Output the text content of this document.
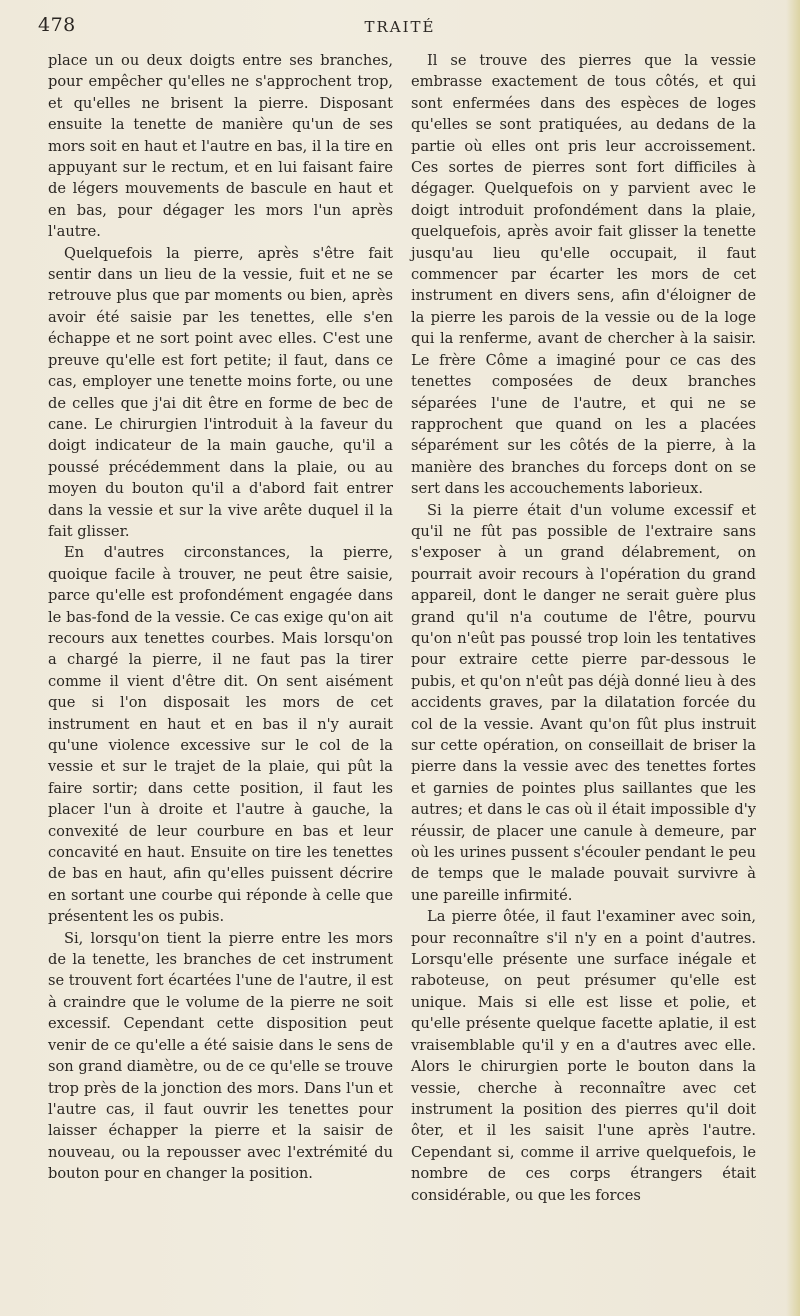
478	TRAITÉ

place un ou deux doigts entre ses branches, pour empêcher qu'elles ne s'approchent trop, et qu'elles ne brisent la pierre. Disposant ensuite la tenette de manière qu'un de ses mors soit en haut et l'autre en bas, il la tire en appuyant sur le rectum, et en lui faisant faire de légers mouvements de bascule en haut et en bas, pour dégager les mors l'un après l'autre.

Quelquefois la pierre, après s'être fait sentir dans un lieu de la vessie, fuit et ne se retrouve plus que par moments ou bien, après avoir été saisie par les tenettes, elle s'en échappe et ne sort point avec elles. C'est une preuve qu'elle est fort petite; il faut, dans ce cas, employer une tenette moins forte, ou une de celles que j'ai dit être en forme de bec de cane. Le chirurgien l'introduit à la faveur du doigt indicateur de la main gauche, qu'il a poussé précédemment dans la plaie, ou au moyen du bouton qu'il a d'abord fait entrer dans la vessie et sur la vive arête duquel il la fait glisser.

En d'autres circonstances, la pierre, quoique facile à trouver, ne peut être saisie, parce qu'elle est profondément engagée dans le bas-fond de la vessie. Ce cas exige qu'on ait recours aux tenettes courbes. Mais lorsqu'on a chargé la pierre, il ne faut pas la tirer comme il vient d'être dit. On sent aisément que si l'on disposait les mors de cet instrument en haut et en bas il n'y aurait qu'une violence excessive sur le col de la vessie et sur le trajet de la plaie, qui pût la faire sortir; dans cette position, il faut les placer l'un à droite et l'autre à gauche, la convexité de leur courbure en bas et leur concavité en haut. Ensuite on tire les tenettes de bas en haut, afin qu'elles puissent décrire en sortant une courbe qui réponde à celle que présentent les os pubis.

Si, lorsqu'on tient la pierre entre les mors de la tenette, les branches de cet instrument se trouvent fort écartées l'une de l'autre, il est à craindre que le volume de la pierre ne soit excessif. Cependant cette disposition peut venir de ce qu'elle a été saisie dans le sens de son grand diamètre, ou de ce qu'elle se trouve trop près de la jonction des mors. Dans l'un et l'autre cas, il faut ouvrir les tenettes pour laisser échapper la pierre et la saisir de nouveau, ou la repousser avec l'extrémité du bouton pour en changer la position.

Il se trouve des pierres que la vessie embrasse exactement de tous côtés, et qui sont enfermées dans des espèces de loges qu'elles se sont pratiquées, au dedans de la partie où elles ont pris leur accroissement. Ces sortes de pierres sont fort difficiles à dégager. Quelquefois on y parvient avec le doigt introduit profondément dans la plaie, quelquefois, après avoir fait glisser la tenette jusqu'au lieu qu'elle occupait, il faut commencer par écarter les mors de cet instrument en divers sens, afin d'éloigner de la pierre les parois de la vessie ou de la loge qui la renferme, avant de chercher à la saisir. Le frère Côme a imaginé pour ce cas des tenettes composées de deux branches séparées l'une de l'autre, et qui ne se rapprochent que quand on les a placées séparément sur les côtés de la pierre, à la manière des branches du forceps dont on se sert dans les accouchements laborieux.

Si la pierre était d'un volume excessif et qu'il ne fût pas possible de l'extraire sans s'exposer à un grand délabrement, on pourrait avoir recours à l'opération du grand appareil, dont le danger ne serait guère plus grand qu'il n'a coutume de l'être, pourvu qu'on n'eût pas poussé trop loin les tentatives pour extraire cette pierre par-dessous le pubis, et qu'on n'eût pas déjà donné lieu à des accidents graves, par la dilatation forcée du col de la vessie. Avant qu'on fût plus instruit sur cette opération, on conseillait de briser la pierre dans la vessie avec des tenettes fortes et garnies de pointes plus saillantes que les autres; et dans le cas où il était impossible d'y réussir, de placer une canule à demeure, par où les urines pussent s'écouler pendant le peu de temps que le malade pouvait survivre à une pareille infirmité.

La pierre ôtée, il faut l'examiner avec soin, pour reconnaître s'il n'y en a point d'autres. Lorsqu'elle présente une surface inégale et raboteuse, on peut présumer qu'elle est unique. Mais si elle est lisse et polie, et qu'elle présente quelque facette aplatie, il est vraisemblable qu'il y en a d'autres avec elle. Alors le chirurgien porte le bouton dans la vessie, cherche à reconnaître avec cet instrument la position des pierres qu'il doit ôter, et il les saisit l'une après l'autre. Cependant si, comme il arrive quelquefois, le nombre de ces corps étrangers était considérable, ou que les forces
